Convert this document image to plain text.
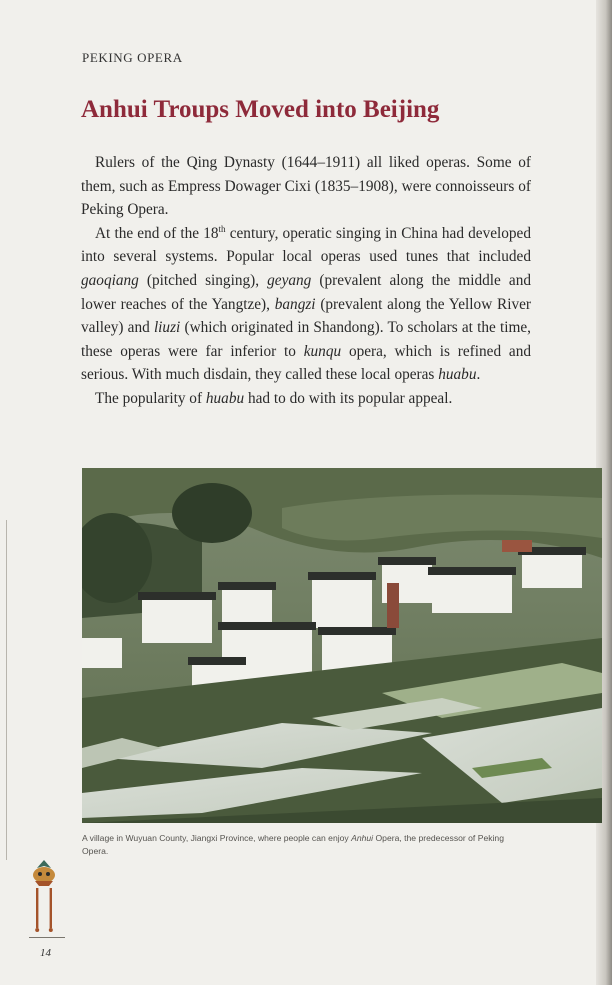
PEKING OPERA
Anhui Troups Moved into Beijing

Rulers of the Qing Dynasty (1644–1911) all liked operas. Some of them, such as Empress Dowager Cixi (1835–1908), were connoisseurs of Peking Opera.

At the end of the 18th century, operatic singing in China had developed into several systems. Popular local operas used tunes that included gaoqiang (pitched singing), geyang (prevalent along the middle and lower reaches of the Yangtze), bangzi (prevalent along the Yellow River valley) and liuzi (which originated in Shandong). To scholars at the time, these operas were far inferior to kunqu opera, which is refined and serious. With much disdain, they called these local operas huabu.

The popularity of huabu had to do with its popular appeal.

A village in Wuyuan County, Jiangxi Province, where people can enjoy Anhui Opera, the predecessor of Peking Opera.
14
